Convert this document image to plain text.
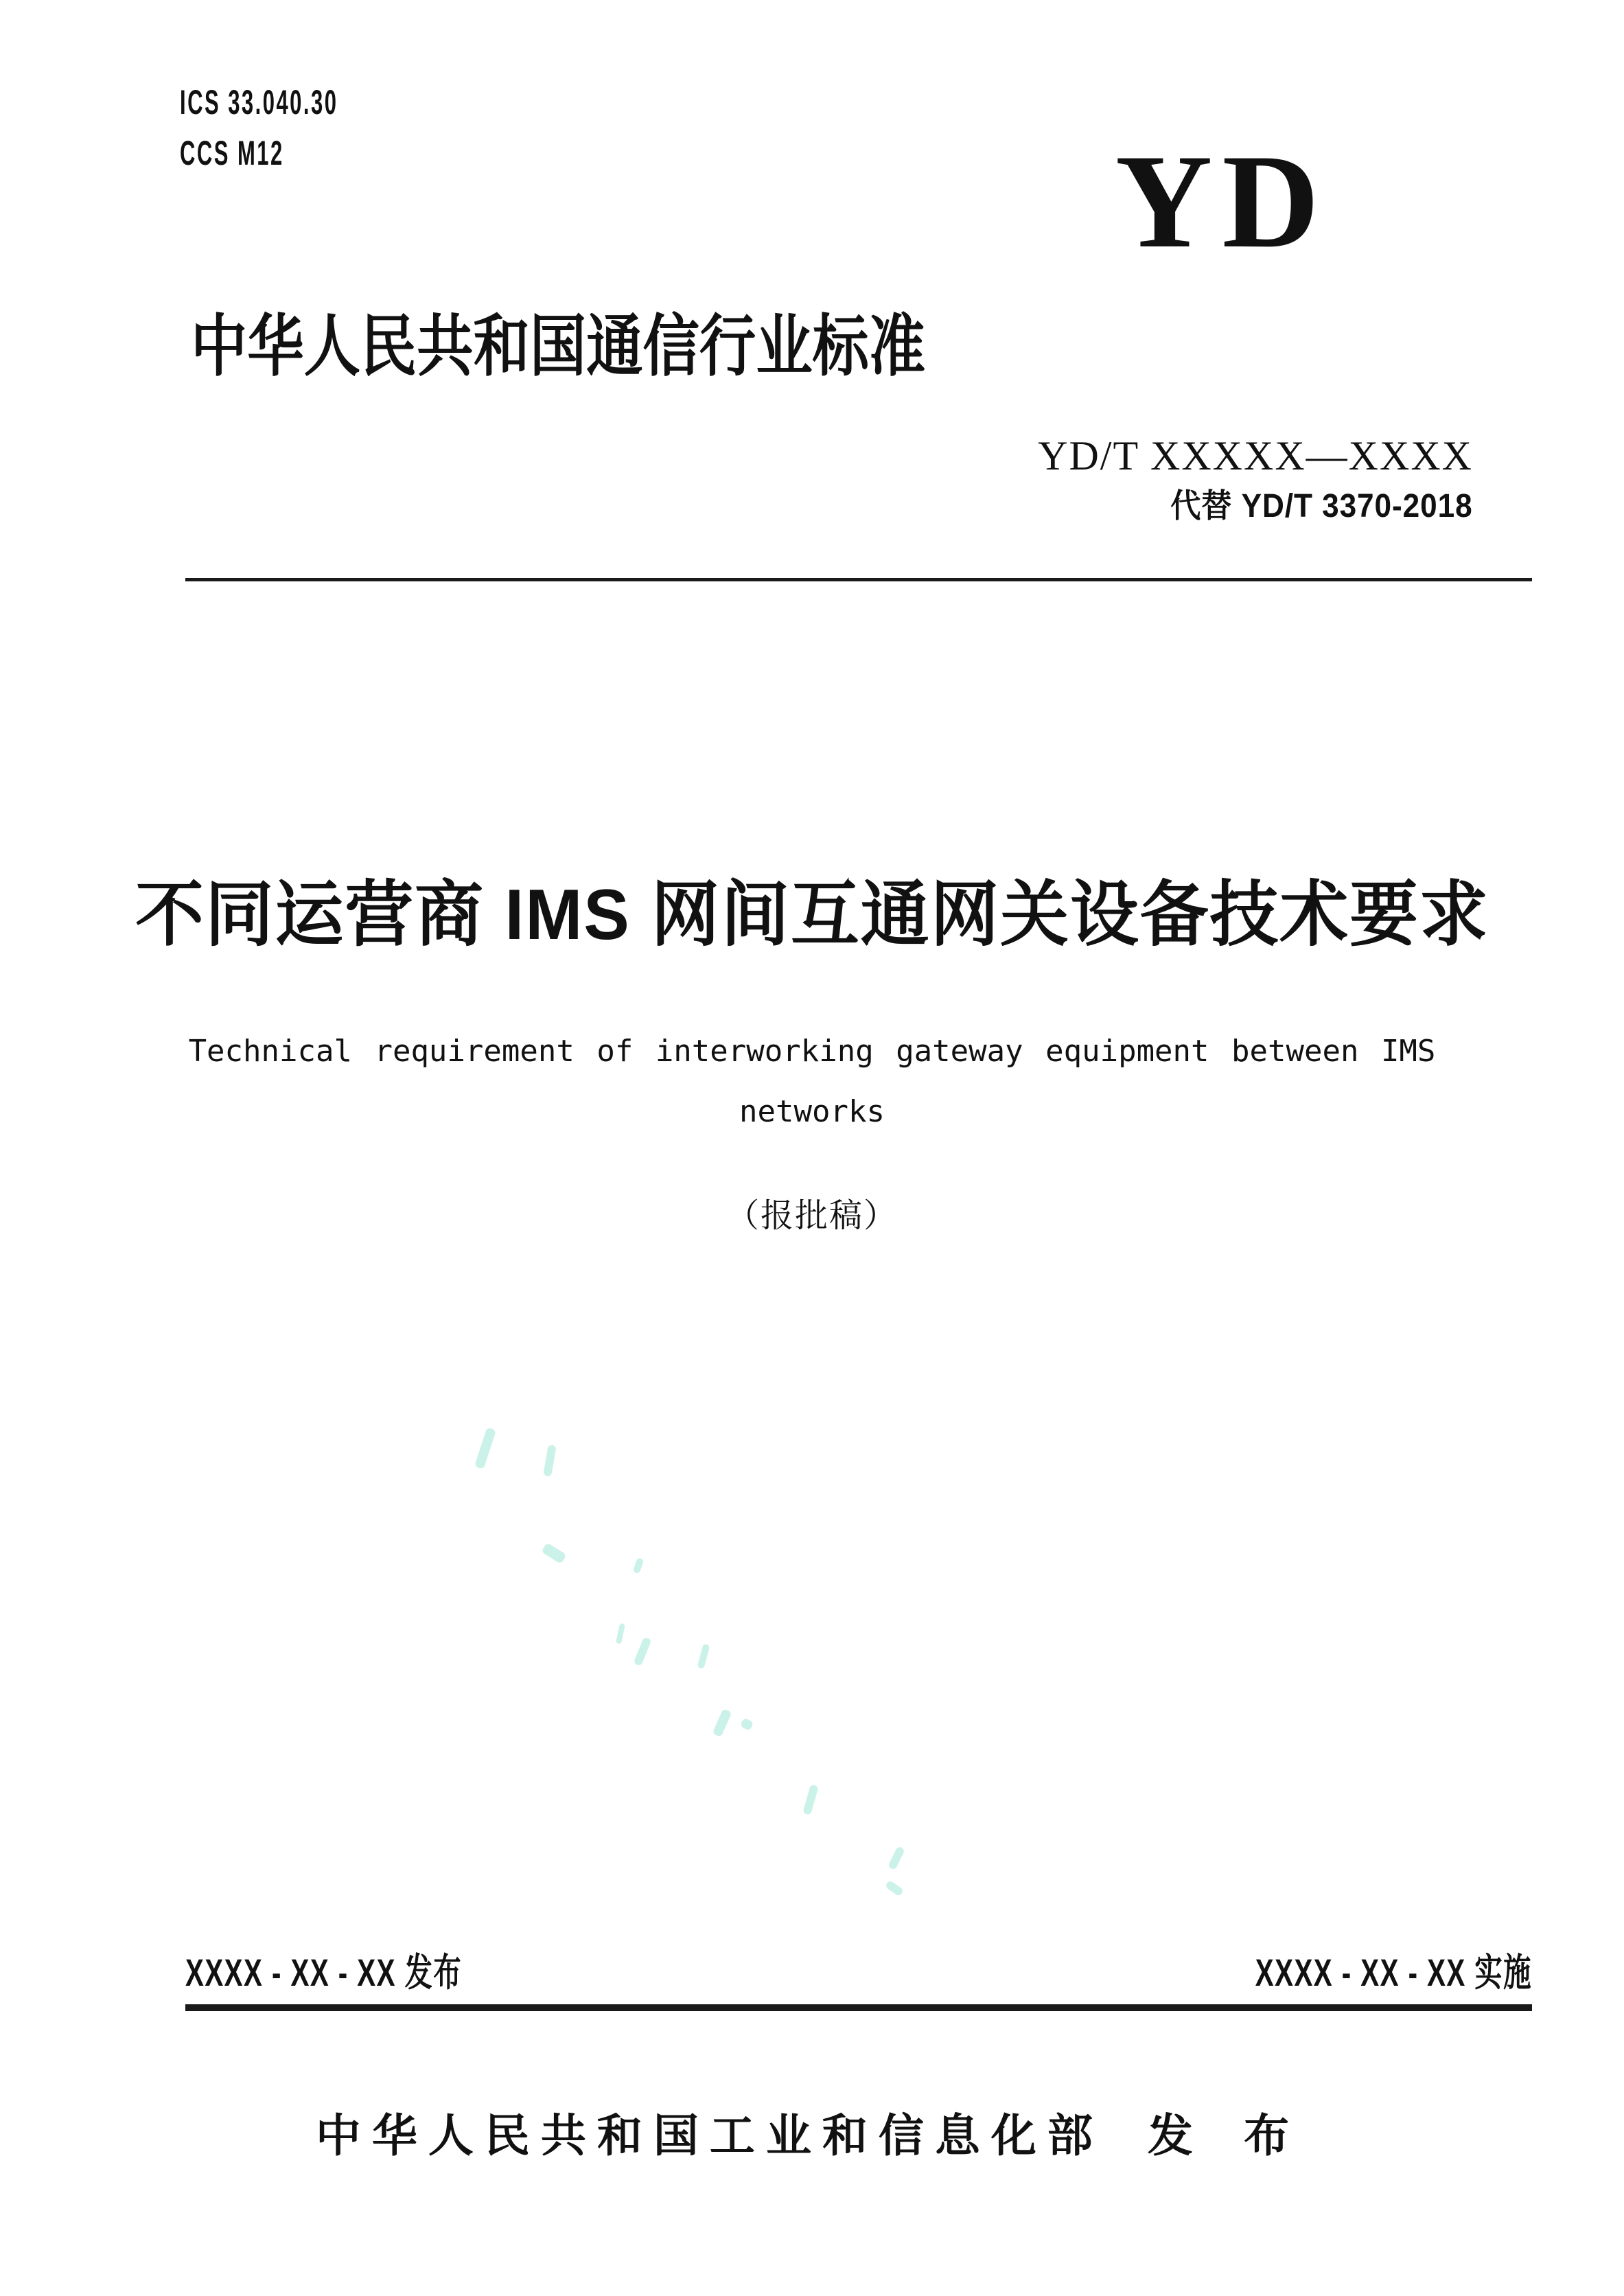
ICS 33.040.30
CCS M12	YD
中华人民共和国通信行业标准
YD/T XXXXX—XXXX
代替 YD/T 3370-2018
不同运营商 IMS 网间互通网关设备技术要求
Technical requirement of interworking gateway equipment between IMS
networks
（报批稿）
XXXX - XX - XX 发布	XXXX - XX - XX 实施
中华人民共和国工业和信息化部 发 布
